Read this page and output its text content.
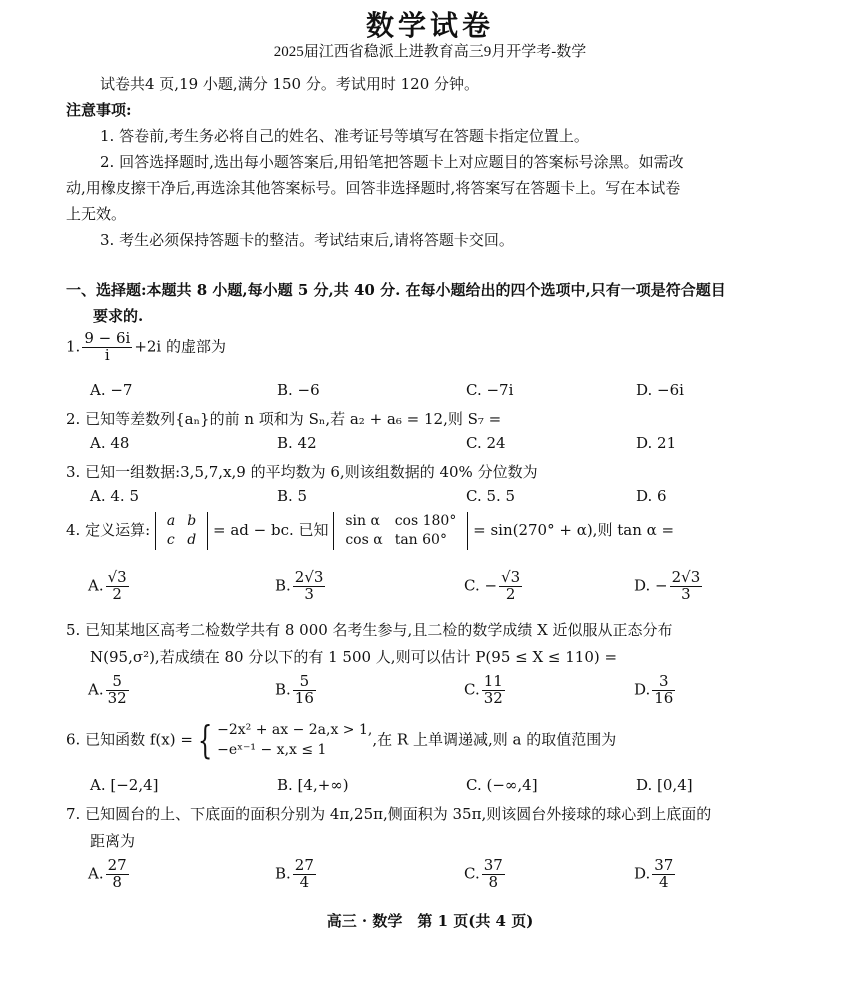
数学试卷
2025届江西省稳派上进教育高三9月开学考-数学
试卷共4 页,19 小题,满分 150 分。考试用时 120 分钟。
注意事项:
1. 答卷前,考生务必将自己的姓名、准考证号等填写在答题卡指定位置上。
2. 回答选择题时,选出每小题答案后,用铅笔把答题卡上对应题目的答案标号涂黑。如需改
动,用橡皮擦干净后,再选涂其他答案标号。回答非选择题时,将答案写在答题卡上。写在本试卷
上无效。
3. 考生必须保持答题卡的整洁。考试结束后,请将答题卡交回。
一、选择题:本题共 8 小题,每小题 5 分,共 40 分. 在每小题给出的四个选项中,只有一项是符合题目
要求的.
1. $\frac{9 - 6i}{i} +2i$ 的虚部为
A. −7	B. −6	C. −7i	D. −6i
2. 已知等差数列{aₙ}的前 n 项和为 Sₙ,若 a₂ + a₆ = 12,则 S₇ =
A. 48	B. 42	C. 24	D. 21
3. 已知一组数据:3,5,7,x,9 的平均数为 6,则该组数据的 40% 分位数为
A. 4. 5	B. 5	C. 5. 5	D. 6
4. 定义运算: a	b
c	d
= ad − bc. 已知 sin α	cos 180°
cos α	tan 60°
= sin(270° + α),则 tan α =
A. $\frac{√3}{2}$	B. $\frac{2√3}{3}$	C. − $\frac{√3}{2}$	D. − $\frac{2√3}{3}$
5. 已知某地区高考二检数学共有 8 000 名考生参与,且二检的数学成绩 X 近似服从正态分布
N(95,σ²),若成绩在 80 分以下的有 1 500 人,则可以估计 P(95 ≤ X ≤ 110) =
A. $\frac{5}{32}$	B. $\frac{5}{16}$	C. $\frac{11}{32}$	D. $\frac{3}{16}$
6. 已知函数 f(x) = { −2x² + ax − 2a,x > 1,
−eˣ⁻¹ − x,x ≤ 1
,在 R 上单调递减,则 a 的取值范围为
A. [−2,4]	B. [4,+∞)	C. (−∞,4]	D. [0,4]
7. 已知圆台的上、下底面的面积分别为 4π,25π,侧面积为 35π,则该圆台外接球的球心到上底面的
距离为
A. $\frac{27}{8}$	B. $\frac{27}{4}$	C. $\frac{37}{8}$	D. $\frac{37}{4}$
高三 · 数学　第 1 页(共 4 页)
